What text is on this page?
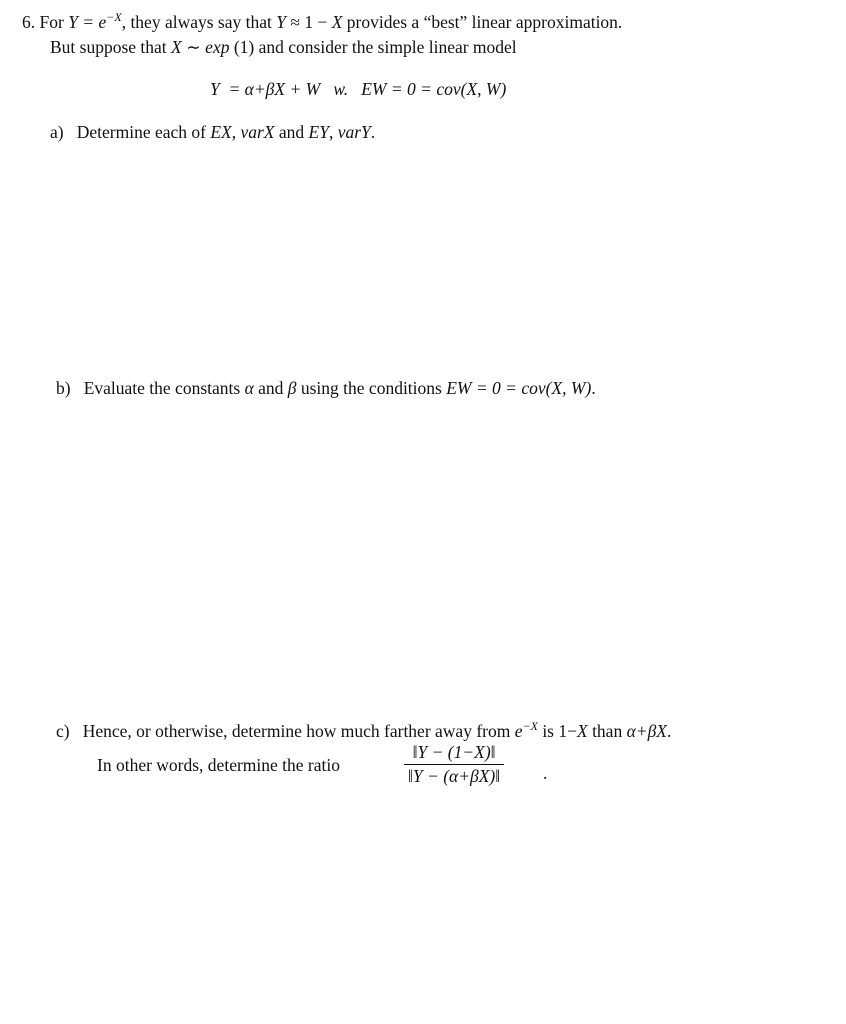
6. For $Y = e^{-X}$, they always say that Y ≈ 1 − X provides a “best” linear approximation.
But suppose that X ∼ exp (1) and consider the simple linear model
Y = α+βX + W w. EW = 0 = cov(X, W)
a) Determine each of EX, varX and EY, varY.
b) Evaluate the constants α and β using the conditions EW = 0 = cov(X, W).
c) Hence, or otherwise, determine how much farther away from $e^{-X}$ is 1−X than α+βX.
In other words, determine the ratio	$\frac{‖Y - (1-X)‖}{‖Y - (\alpha+\beta X)‖}$ .
